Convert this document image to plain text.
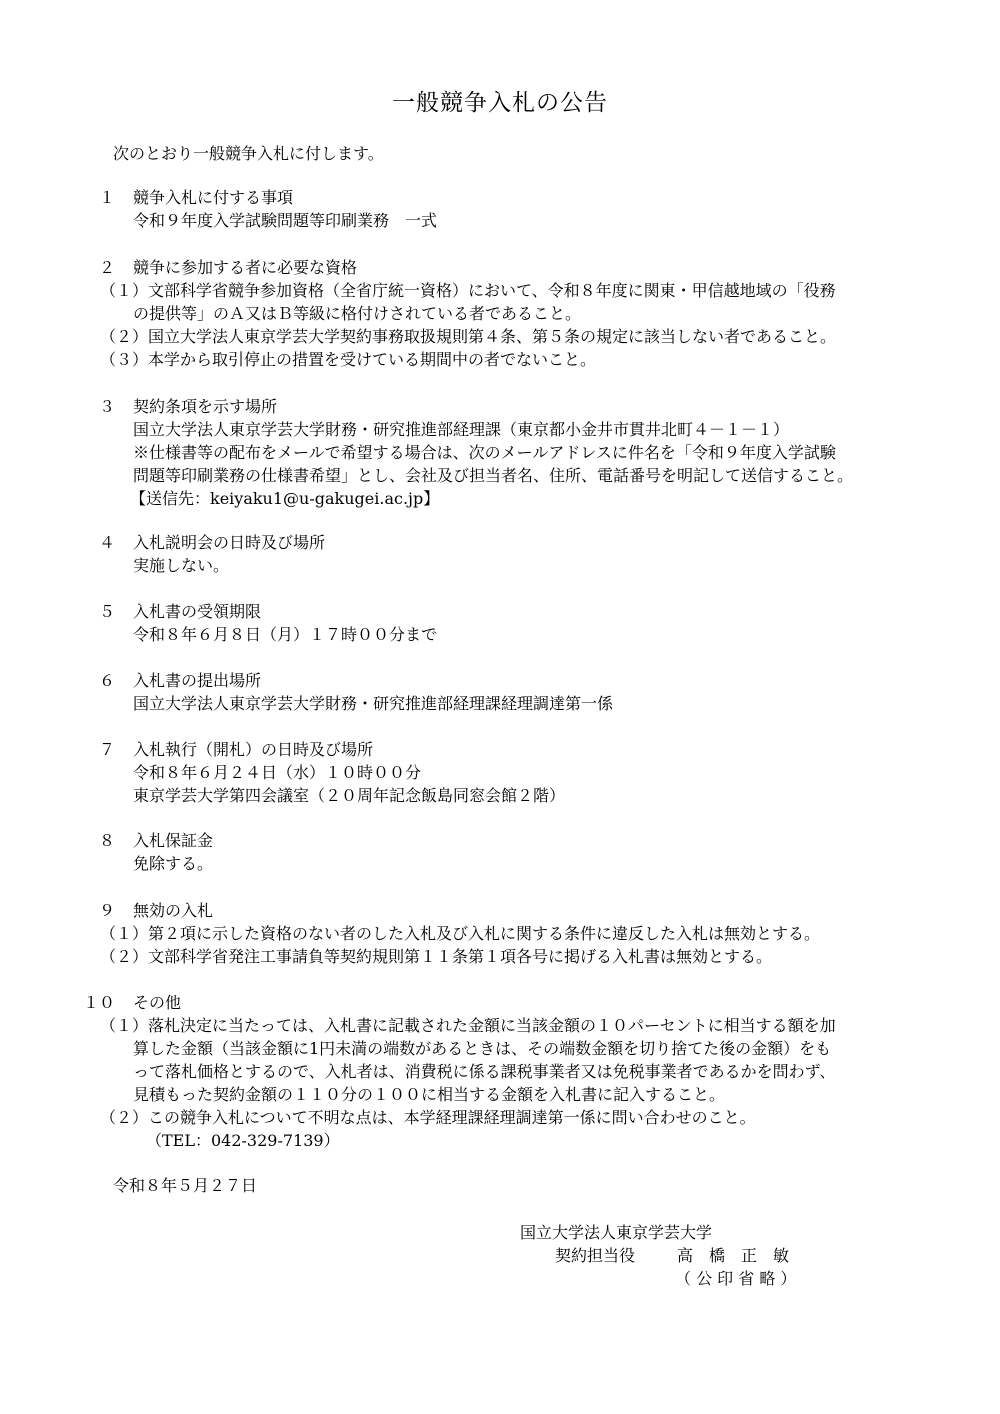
一般競争入札の公告
次のとおり一般競争入札に付します。
１ 競争入札に付する事項
令和９年度入学試験問題等印刷業務　一式
２ 競争に参加する者に必要な資格
（１） 文部科学省競争参加資格（全省庁統一資格）において、令和８年度に関東・甲信越地域の「役務
の提供等」のＡ又はＢ等級に格付けされている者であること。
（２） 国立大学法人東京学芸大学契約事務取扱規則第４条、第５条の規定に該当しない者であること。
（３） 本学から取引停止の措置を受けている期間中の者でないこと。
３ 契約条項を示す場所
国立大学法人東京学芸大学財務・研究推進部経理課（東京都小金井市貫井北町４－１－１）
※仕様書等の配布をメールで希望する場合は、次のメールアドレスに件名を「令和９年度入学試験
問題等印刷業務の仕様書希望」とし、会社及び担当者名、住所、電話番号を明記して送信すること。
【送信先：keiyaku1@u-gakugei.ac.jp】
４ 入札説明会の日時及び場所
実施しない。
５ 入札書の受領期限
令和８年６月８日（月）１７時００分まで
６ 入札書の提出場所
国立大学法人東京学芸大学財務・研究推進部経理課経理調達第一係
７ 入札執行（開札）の日時及び場所
令和８年６月２４日（水）１０時００分
東京学芸大学第四会議室（２０周年記念飯島同窓会館２階）
８ 入札保証金
免除する。
９ 無効の入札
（１） 第２項に示した資格のない者のした入札及び入札に関する条件に違反した入札は無効とする。
（２） 文部科学省発注工事請負等契約規則第１１条第１項各号に掲げる入札書は無効とする。
１０ その他
（１） 落札決定に当たっては、入札書に記載された金額に当該金額の１０パーセントに相当する額を加
算した金額（当該金額に1円未満の端数があるときは、その端数金額を切り捨てた後の金額）をも
って落札価格とするので、入札者は、消費税に係る課税事業者又は免税事業者であるかを問わず、
見積もった契約金額の１１０分の１００に相当する金額を入札書に記入すること。
（２） この競争入札について不明な点は、本学経理課経理調達第一係に問い合わせのこと。
（TEL：042-329-7139）
令和８年５月２７日
国立大学法人東京学芸大学
契約担当役	高　橋　正　敏
（ 公 印 省 略 ）
